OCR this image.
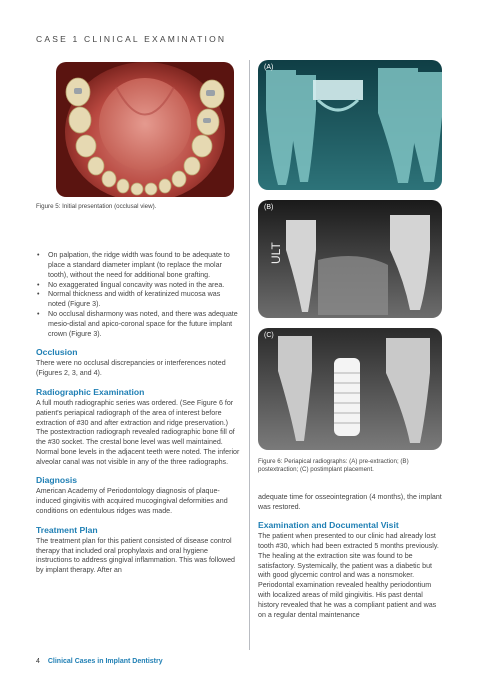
CASE 1 CLINICAL EXAMINATION
Figure 5: Initial presentation (occlusal view).
• On palpation, the ridge width was found to be adequate to place a standard diameter implant (to replace the molar tooth), without the need for additional bone grafting.
• No exaggerated lingual concavity was noted in the area.
• Normal thickness and width of keratinized mucosa was noted (Figure 3).
• No occlusal disharmony was noted, and there was adequate mesio-distal and apico-coronal space for the future implant crown (Figure 3).
Occlusion

There were no occlusal discrepancies or interferences noted (Figures 2, 3, and 4).

Radiographic Examination

A full mouth radiographic series was ordered. (See Figure 6 for patient's periapical radiograph of the area of interest before extraction of #30 and after extraction and ridge preservation.) The postextraction radiograph revealed radiographic bone fill of the #30 socket. The crestal bone level was well maintained. Normal bone levels in the adjacent teeth were noted. The inferior alveolar canal was not visible in any of the three radiographs.

Diagnosis

American Academy of Periodontology diagnosis of plaque-induced gingivitis with acquired mucogingival deformities and conditions on edentulous ridges was made.

Treatment Plan

The treatment plan for this patient consisted of disease control therapy that included oral prophylaxis and oral hygiene instructions to address gingival inflammation. This was followed by implant therapy. After an

(A)
ULT
(B)
(C)
Figure 6: Periapical radiographs: (A) pre-extraction; (B) postextraction; (C) postimplant placement.

adequate time for osseointegration (4 months), the implant was restored.

Examination and Documental Visit

The patient when presented to our clinic had already lost tooth #30, which had been extracted 5 months previously. The healing at the extraction site was found to be satisfactory. Systemically, the patient was a diabetic but with good glycemic control and was a nonsmoker. Periodontal examination revealed healthy periodontium with localized areas of mild gingivitis. His past dental history revealed that he was a compliant patient and was on a regular dental maintenance

4 Clinical Cases in Implant Dentistry
